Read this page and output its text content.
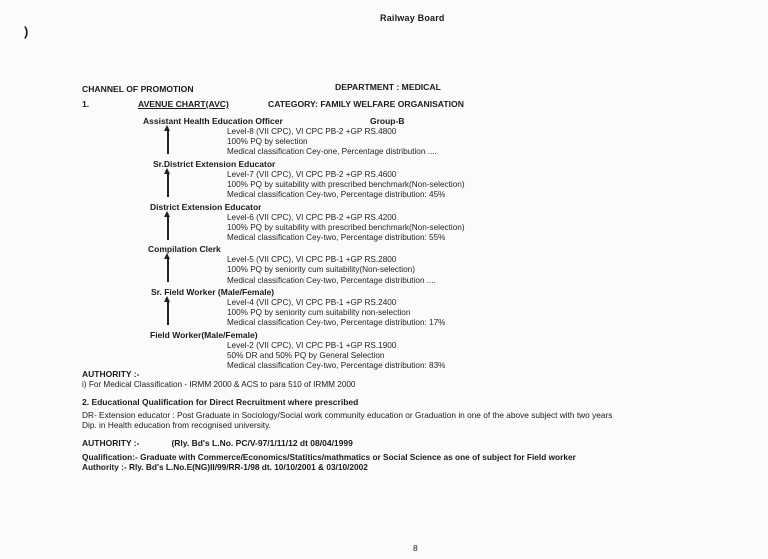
)
Railway Board
CHANNEL OF PROMOTION	DEPARTMENT : MEDICAL
1.	AVENUE CHART(AVC)	CATEGORY: FAMILY WELFARE ORGANISATION
Assistant Health Education Officer	Group-B
Level-8 (VII CPC), VI CPC PB-2 +GP RS.4800
100% PQ by selection
Medical classification Cey-one, Percentage distribution ....
Sr.District Extension Educator
Level-7 (VII CPC), VI CPC PB-2 +GP RS.4600
100% PQ by suitability with prescribed benchmark(Non-selection)
Medical classification Cey-two, Percentage distribution: 45%
District Extension Educator
Level-6 (VII CPC), VI CPC PB-2 +GP RS.4200
100% PQ by suitability with prescribed benchmark(Non-selection)
Medical classification Cey-two, Percentage distribution: 55%
Compilation Clerk
Level-5 (VII CPC), VI CPC PB-1 +GP RS.2800
100% PQ by seniority cum suitability(Non-selection)
Medical classification Cey-two, Percentage distribution ....
Sr. Field Worker (Male/Female)
Level-4 (VII CPC), VI CPC PB-1 +GP RS.2400
100% PQ by seniority cum suitability non-selection
Medical classification Cey-two, Percentage distribution: 17%
Field Worker(Male/Female)
Level-2 (VII CPC), VI CPC PB-1 +GP RS.1900
50% DR and 50% PQ by General Selection
Medical classification Cey-two, Percentage distribution: 83%
AUTHORITY :-
i) For Medical Classification - IRMM 2000 & ACS to para 510 of IRMM 2000
2. Educational Qualification for Direct Recruitment where prescribed
DR- Extension educator : Post Graduate in Sociology/Social work community education or Graduation in one of the above subject with two years
Dip. in Health education from recognised university.
AUTHORITY :-	(Rly. Bd's L.No. PC/V-97/1/11/12 dt 08/04/1999
Qualification:- Graduate with Commerce/Economics/Statitics/mathmatics or Social Science as one of subject for Field worker
Authority :- Rly. Bd's L.No.E(NG)II/99/RR-1/98 dt. 10/10/2001 & 03/10/2002
8
